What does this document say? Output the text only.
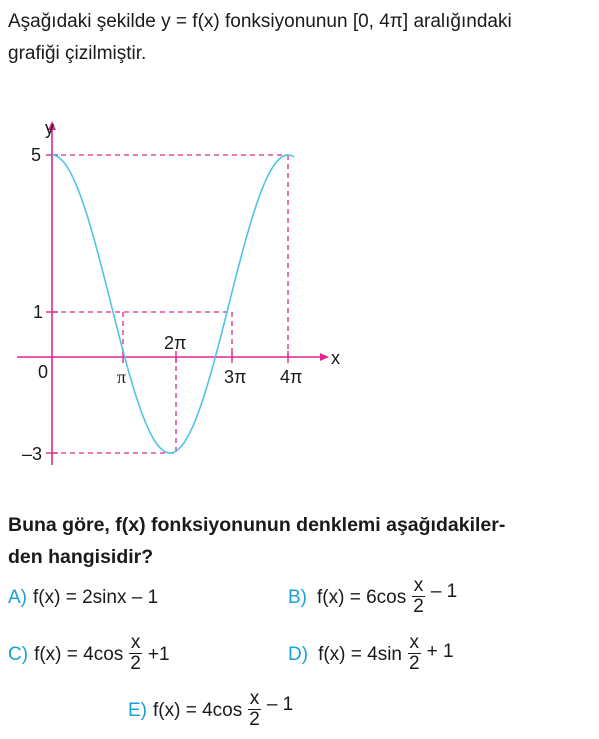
Aşağıdaki şekilde y = f(x) fonksiyonunun [0, 4π] aralığındaki
grafiği çizilmiştir.
y
x
0
5
1
–3
π
2π
3π 4π
Buna göre, f(x) fonksiyonunun denklemi aşağıdakiler-
den hangisidir?
A) f(x) = 2sinx – 1	B) $f(x) = 6\cos \frac{x}{2} - 1$
C) $f(x) = 4\cos \frac{x}{2} +1$	D) $f(x) = 4\sin \frac{x}{2} + 1$
E) $f(x) = 4\cos \frac{x}{2} - 1$
